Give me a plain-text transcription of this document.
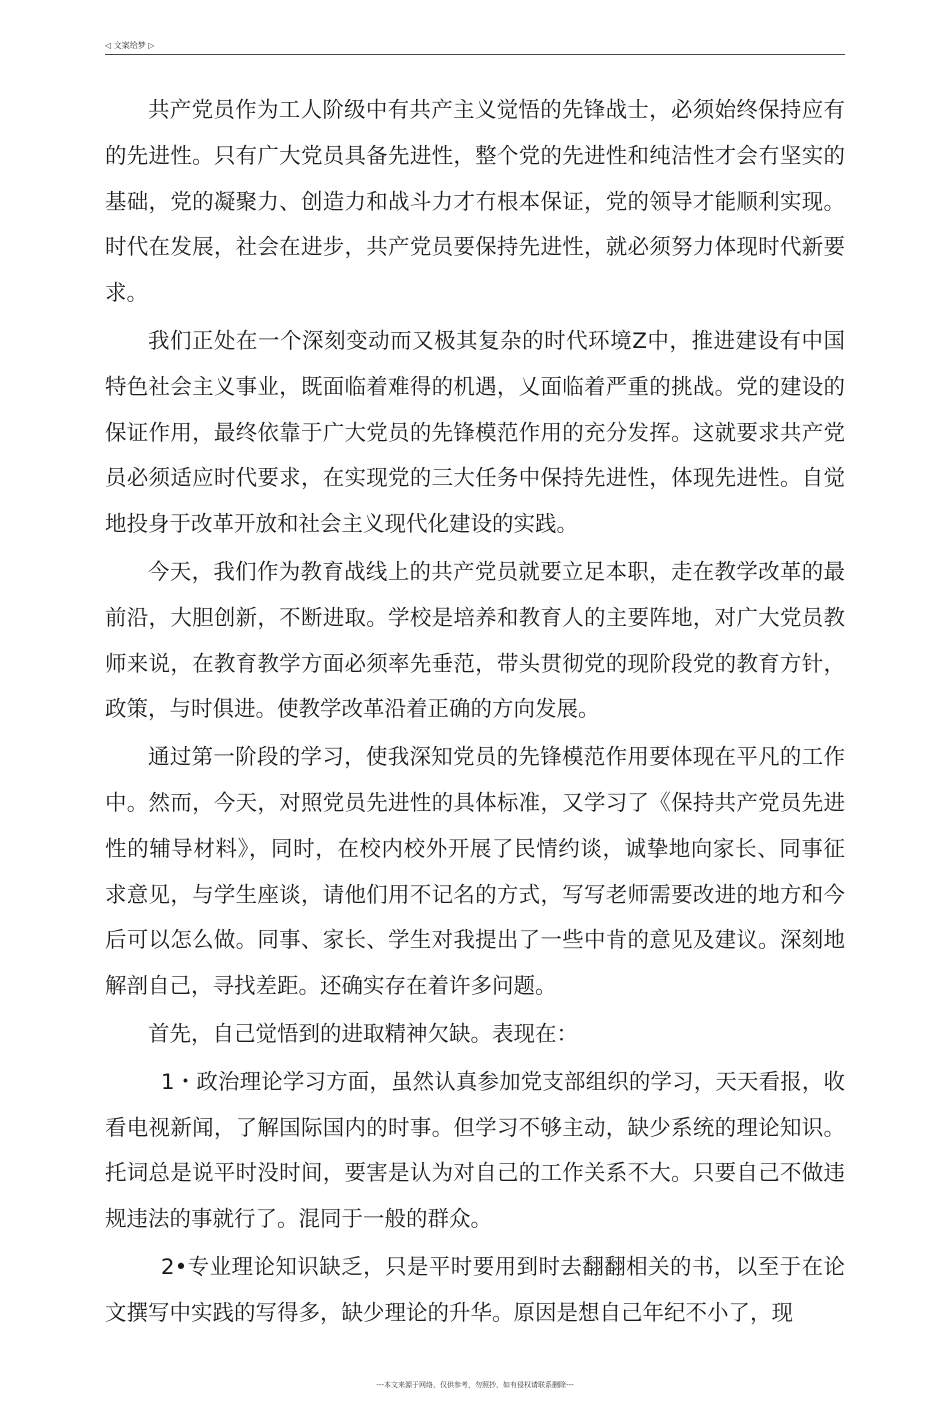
◁ 文案给梦 ▷

共产党员作为工人阶级中有共产主义觉悟的先锋战士，必须始终保持应有的先进性。只有广大党员具备先进性，整个党的先进性和纯洁性才会冇坚实的基础，党的凝聚力、创造力和战斗力才冇根本保证，党的领导才能顺利实现。时代在发展，社会在进步，共产党员要保持先进性，就必须努力体现时代新要求。

我们正处在一个深刻变动而又极其复杂的时代环境Z中，推进建设有中国特色社会主义事业，既面临着难得的机遇，乂面临着严重的挑战。党的建设的保证作用，最终依靠于广大党员的先锋模范作用的充分发挥。这就要求共产党员必须适应时代要求，在实现党的三大任务中保持先进性，体现先进性。自觉地投身于改革开放和社会主义现代化建设的实践。

今天，我们作为教育战线上的共产党员就要立足本职，走在教学改革的最前沿，大胆创新，不断进取。学校是培养和教育人的主要阵地，对广大党员教师来说，在教育教学方面必须率先垂范，带头贯彻党的现阶段党的教育方针，政策，与时俱进。使教学改革沿着正确的方向发展。

通过第一阶段的学习，使我深知党员的先锋模范作用要体现在平凡的工作中。然而，今天，对照党员先进性的具体标准，又学习了《保持共产党员先进性的辅导材料》，同时，在校内校外开展了民情约谈，诚挚地向家长、同事征求意见，与学生座谈，请他们用不记名的方式，写写老师需要改进的地方和今后可以怎么做。同事、家长、学生对我提出了一些中肯的意见及建议。深刻地解剖自己，寻找差距。还确实存在着许多问题。

首先，自己觉悟到的进取精神欠缺。表现在：

1・政治理论学习方面，虽然认真参加党支部组织的学习，天天看报，收看电视新闻，了解国际国内的时事。但学习不够主动，缺少系统的理论知识。托词总是说平时没时间，要害是认为对自己的工作关系不大。只要自己不做违规违法的事就行了。混同于一般的群众。

2•专业理论知识缺乏，只是平时要用到时去翻翻相关的书，以至于在论文撰写中实践的写得多，缺少理论的升华。原因是想自己年纪不小了，现

---本文来源于网络，仅供参考，勿照抄，如有侵权请联系删除---
